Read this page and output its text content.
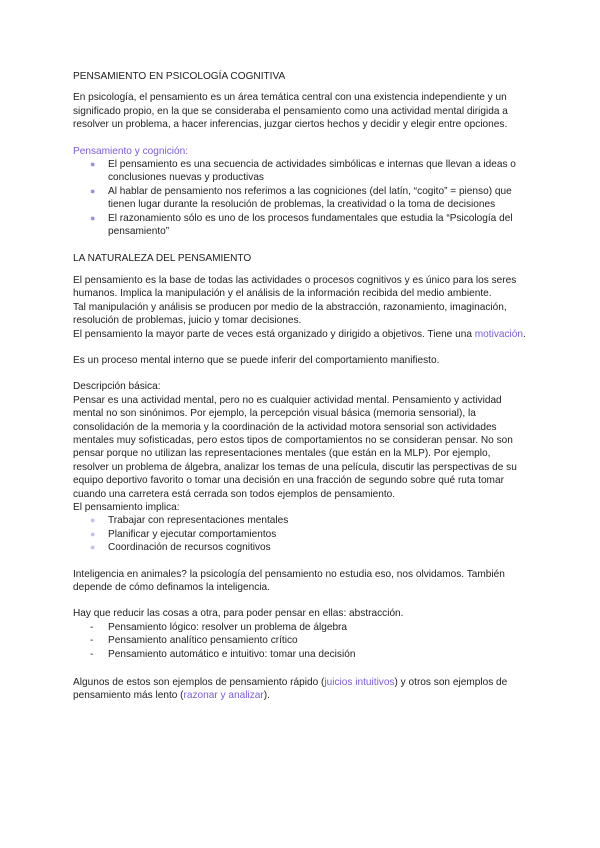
PENSAMIENTO EN PSICOLOGÍA COGNITIVA

En psicología, el pensamiento es un área temática central con una existencia independiente y un significado propio, en la que se consideraba el pensamiento como una actividad mental dirigida a resolver un problema, a hacer inferencias, juzgar ciertos hechos y decidir y elegir entre opciones.

Pensamiento y cognición:

● El pensamiento es una secuencia de actividades simbólicas e internas que llevan a ideas o conclusiones nuevas y productivas
● Al hablar de pensamiento nos referimos a las cogniciones (del latín, “cogito” = pienso) que tienen lugar durante la resolución de problemas, la creatividad o la toma de decisiones
● El razonamiento sólo es uno de los procesos fundamentales que estudia la “Psicología del pensamiento”

LA NATURALEZA DEL PENSAMIENTO

El pensamiento es la base de todas las actividades o procesos cognitivos y es único para los seres humanos. Implica la manipulación y el análisis de la información recibida del medio ambiente.

Tal manipulación y análisis se producen por medio de la abstracción, razonamiento, imaginación, resolución de problemas, juicio y tomar decisiones.

El pensamiento la mayor parte de veces está organizado y dirigido a objetivos. Tiene una motivación.

Es un proceso mental interno que se puede inferir del comportamiento manifiesto.

Descripción básica:

Pensar es una actividad mental, pero no es cualquier actividad mental. Pensamiento y actividad mental no son sinónimos. Por ejemplo, la percepción visual básica (memoria sensorial), la consolidación de la memoria y la coordinación de la actividad motora sensorial son actividades mentales muy sofisticadas, pero estos tipos de comportamientos no se consideran pensar. No son pensar porque no utilizan las representaciones mentales (que están en la MLP). Por ejemplo, resolver un problema de álgebra, analizar los temas de una película, discutir las perspectivas de su equipo deportivo favorito o tomar una decisión en una fracción de segundo sobre qué ruta tomar cuando una carretera está cerrada son todos ejemplos de pensamiento.

El pensamiento implica:

● Trabajar con representaciones mentales
● Planificar y ejecutar comportamientos
● Coordinación de recursos cognitivos

Inteligencia en animales? la psicología del pensamiento no estudia eso, nos olvidamos. También depende de cómo definamos la inteligencia.

Hay que reducir las cosas a otra, para poder pensar en ellas: abstracción.

- Pensamiento lógico: resolver un problema de álgebra
- Pensamiento analítico pensamiento crítico
- Pensamiento automático e intuitivo: tomar una decisión

Algunos de estos son ejemplos de pensamiento rápido (juicios intuitivos) y otros son ejemplos de pensamiento más lento (razonar y analizar).
